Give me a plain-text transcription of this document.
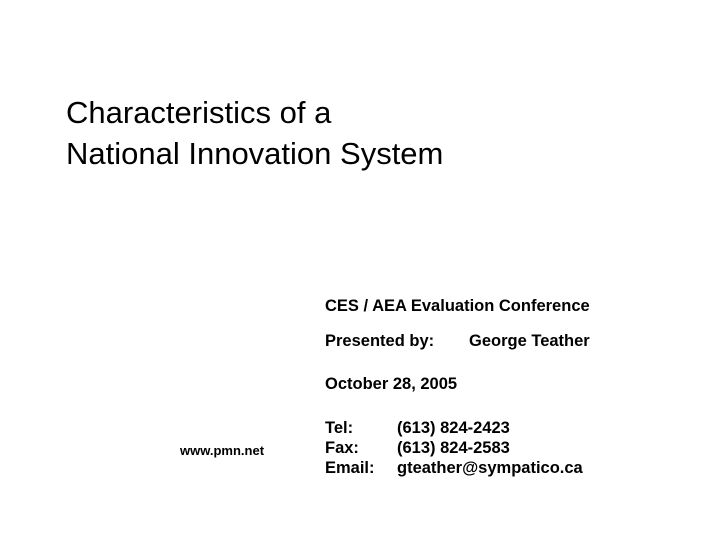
Characteristics of a
National Innovation System
CES / AEA Evaluation Conference
Presented by: George Teather
October 28, 2005
Tel:
Fax:
Email:
(613) 824-2423
(613) 824-2583
gteather@sympatico.ca
www.pmn.net
